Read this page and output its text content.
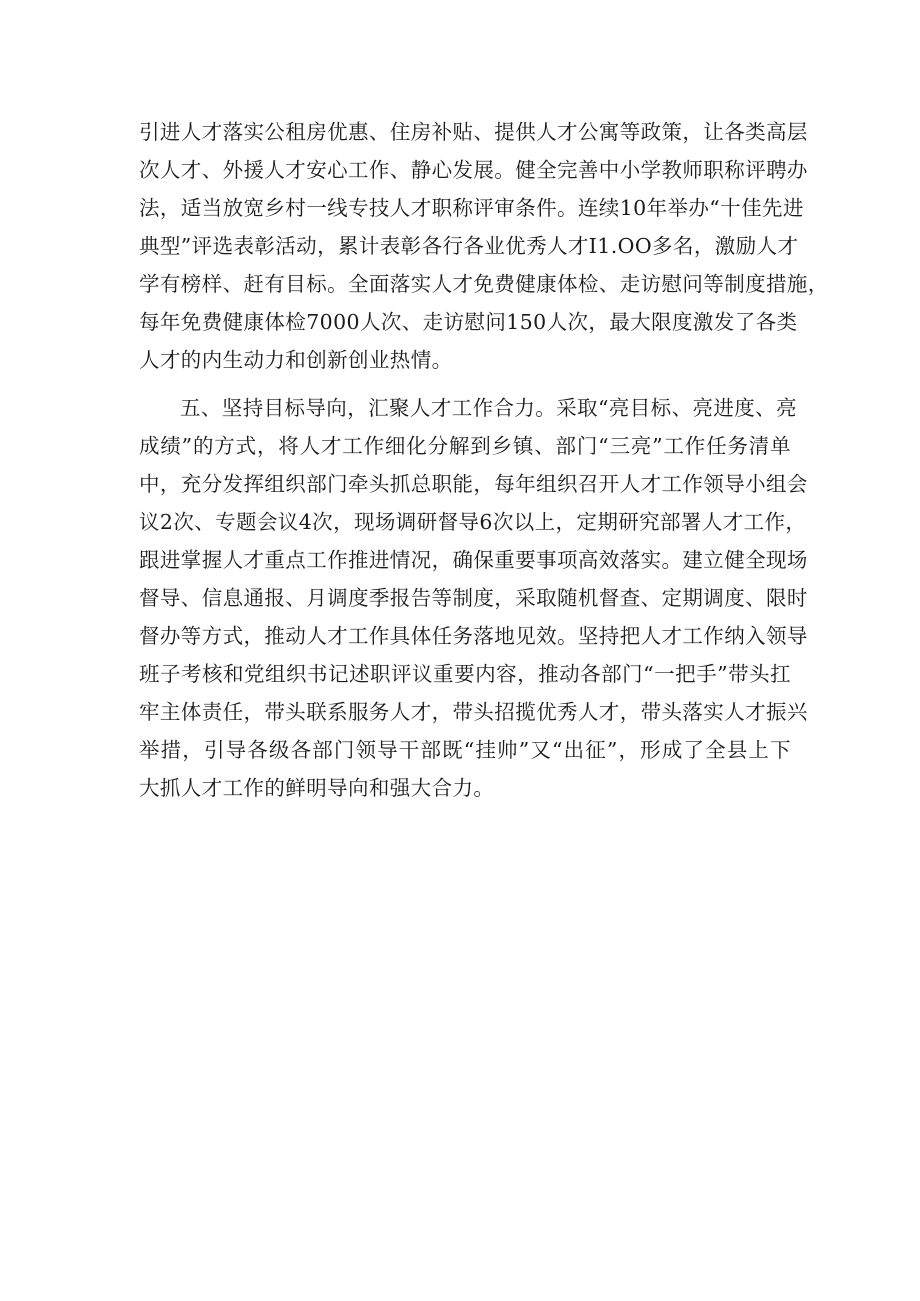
引进人才落实公租房优惠、住房补贴、提供人才公寓等政策，让各类高层
次人才、外援人才安心工作、静心发展。健全完善中小学教师职称评聘办
法，适当放宽乡村一线专技人才职称评审条件。连续10年举办“十佳先进
典型”评选表彰活动，累计表彰各行各业优秀人才I1.OO多名，激励人才
学有榜样、赶有目标。全面落实人才免费健康体检、走访慰问等制度措施，
每年免费健康体检7000人次、走访慰问150人次，最大限度激发了各类
人才的内生动力和创新创业热情。
五、坚持目标导向，汇聚人才工作合力。采取“亮目标、亮进度、亮
成绩”的方式，将人才工作细化分解到乡镇、部门“三亮”工作任务清单
中，充分发挥组织部门牵头抓总职能，每年组织召开人才工作领导小组会
议2次、专题会议4次，现场调研督导6次以上，定期研究部署人才工作，
跟进掌握人才重点工作推进情况，确保重要事项高效落实。建立健全现场
督导、信息通报、月调度季报告等制度，采取随机督查、定期调度、限时
督办等方式，推动人才工作具体任务落地见效。坚持把人才工作纳入领导
班子考核和党组织书记述职评议重要内容，推动各部门“一把手”带头扛
牢主体责任，带头联系服务人才，带头招揽优秀人才，带头落实人才振兴
举措，引导各级各部门领导干部既“挂帅”又“出征”，形成了全县上下
大抓人才工作的鲜明导向和强大合力。
